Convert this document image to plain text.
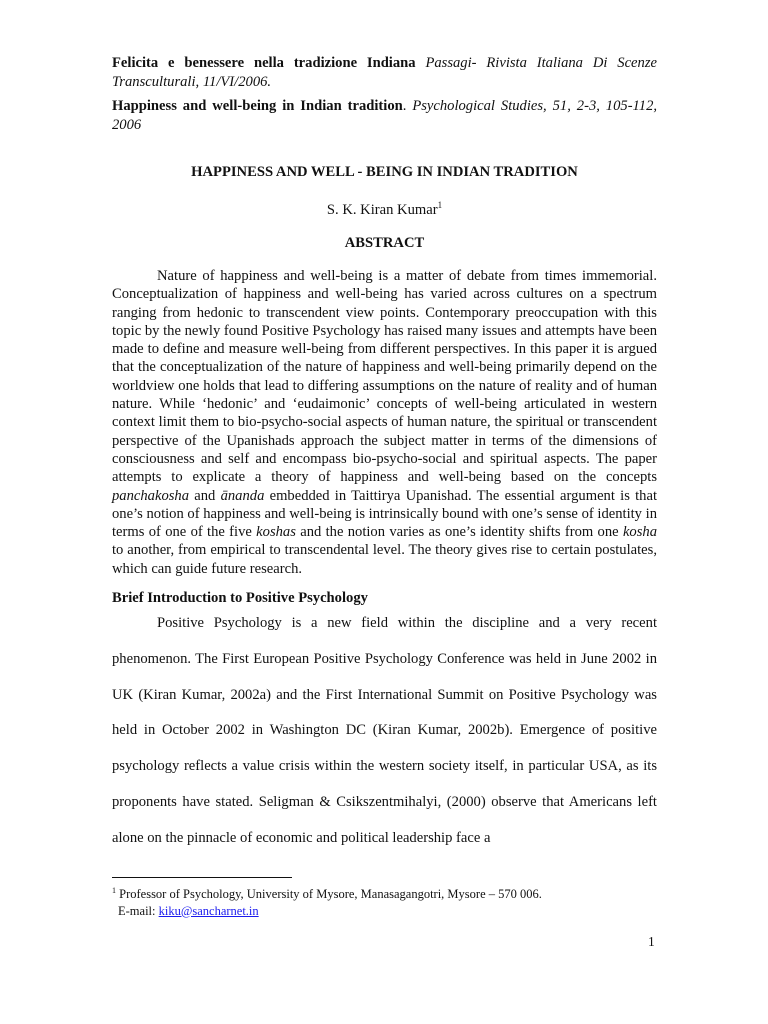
Felicita e benessere nella tradizione Indiana Passagi- Rivista Italiana Di Scenze Transculturali, 11/VI/2006.
Happiness and well-being in Indian tradition. Psychological Studies, 51, 2-3, 105-112, 2006
HAPPINESS AND WELL - BEING IN INDIAN TRADITION
S. K. Kiran Kumar$^1$
ABSTRACT

Nature of happiness and well-being is a matter of debate from times immemorial. Conceptualization of happiness and well-being has varied across cultures on a spectrum ranging from hedonic to transcendent view points. Contemporary preoccupation with this topic by the newly found Positive Psychology has raised many issues and attempts have been made to define and measure well-being from different perspectives. In this paper it is argued that the conceptualization of the nature of happiness and well-being primarily depend on the worldview one holds that lead to differing assumptions on the nature of reality and of human nature. While ‘hedonic’ and ‘eudaimonic’ concepts of well-being articulated in western context limit them to bio-psycho-social aspects of human nature, the spiritual or transcendent perspective of the Upanishads approach the subject matter in terms of the dimensions of consciousness and self and encompass bio-psycho-social and spiritual aspects. The paper attempts to explicate a theory of happiness and well-being based on the concepts panchakosha and ānanda embedded in Taittirya Upanishad. The essential argument is that one’s notion of happiness and well-being is intrinsically bound with one’s sense of identity in terms of one of the five koshas and the notion varies as one’s identity shifts from one kosha to another, from empirical to transcendental level. The theory gives rise to certain postulates, which can guide future research.

Brief Introduction to Positive Psychology

Positive Psychology is a new field within the discipline and a very recent phenomenon. The First European Positive Psychology Conference was held in June 2002 in UK (Kiran Kumar, 2002a) and the First International Summit on Positive Psychology was held in October 2002 in Washington DC (Kiran Kumar, 2002b). Emergence of positive psychology reflects a value crisis within the western society itself, in particular USA, as its proponents have stated. Seligman & Csikszentmihalyi, (2000) observe that Americans left alone on the pinnacle of economic and political leadership face a

$^1$ Professor of Psychology, University of Mysore, Manasagangotri, Mysore – 570 006.
E-mail: kiku@sancharnet.in
1
